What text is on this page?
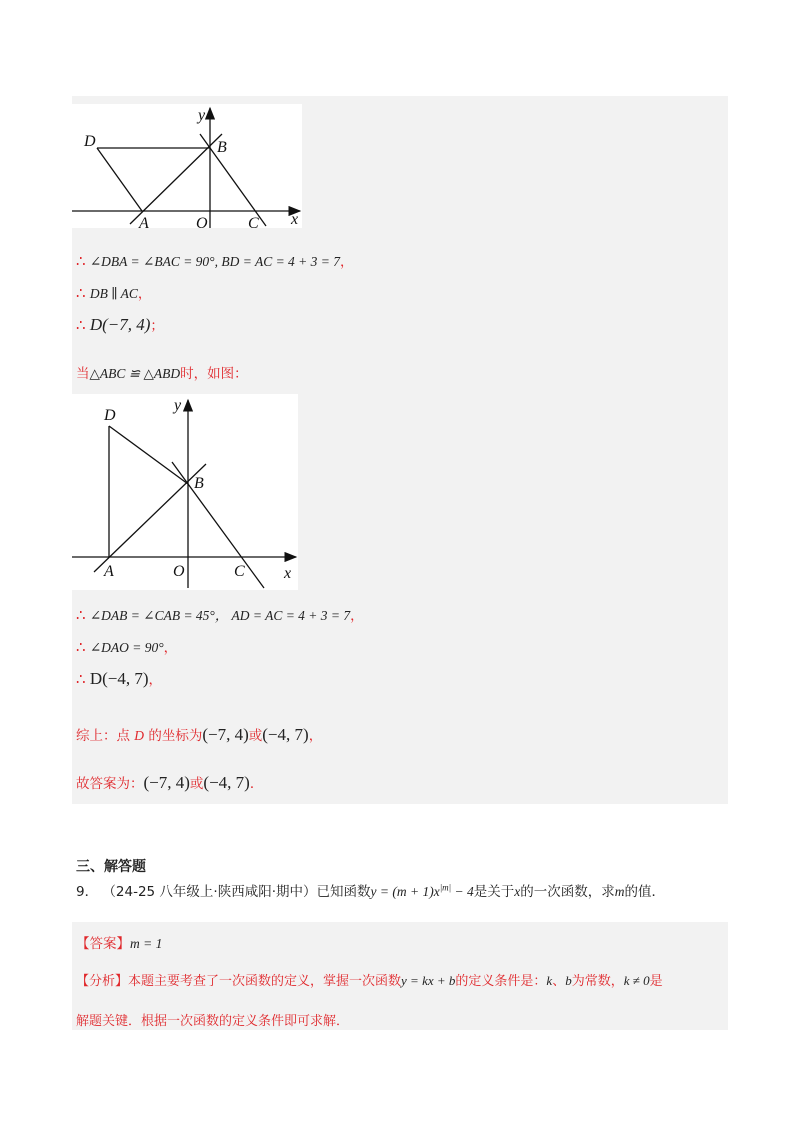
y
x
D	B
A	O	C
∴ ∠DBA = ∠BAC = 90°, BD = AC = 4 + 3 = 7，
∴ DB ∥ AC，
∴ D(−7, 4)；
当△ABC ≌ △ABD时，如图：
y
x
D
B
A	O	C
∴ ∠DAB = ∠CAB = 45°， AD = AC = 4 + 3 = 7，
∴ ∠DAO = 90°，
∴ D(−4, 7)，
综上：点 D 的坐标为(−7, 4)或(−4, 7)，
故答案为：(−7, 4)或(−4, 7)．
三、解答题
9． （24-25 八年级上·陕西咸阳·期中）已知函数$y = (m + 1)x^{|m|} - 4$是关于x的一次函数，求m的值．
【答案】m = 1
【分析】本题主要考查了一次函数的定义，掌握一次函数y = kx + b的定义条件是：k、b为常数，k ≠ 0是
解题关键．根据一次函数的定义条件即可求解．
